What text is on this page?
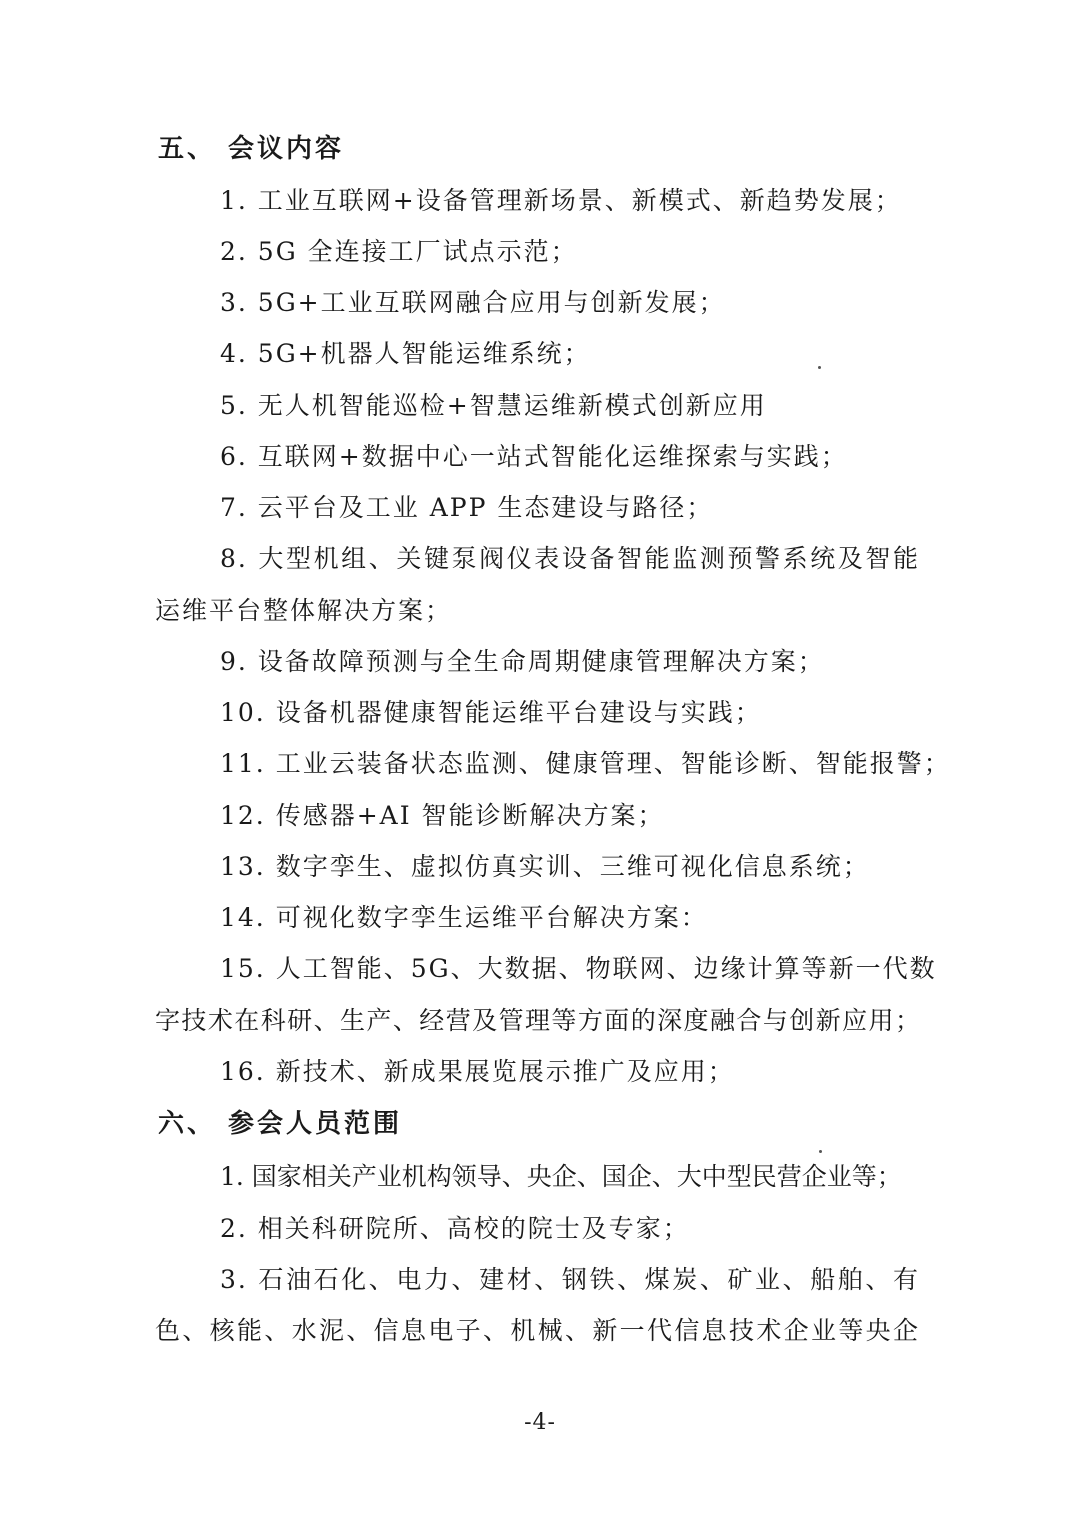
五、 会议内容
1. 工业互联网+设备管理新场景、新模式、新趋势发展；
2. 5G 全连接工厂试点示范；
3. 5G+工业互联网融合应用与创新发展；
4. 5G+机器人智能运维系统；
5. 无人机智能巡检+智慧运维新模式创新应用
6. 互联网+数据中心一站式智能化运维探索与实践；
7. 云平台及工业 APP 生态建设与路径；
8. 大型机组、关键泵阀仪表设备智能监测预警系统及智能
运维平台整体解决方案；
9. 设备故障预测与全生命周期健康管理解决方案；
10. 设备机器健康智能运维平台建设与实践；
11. 工业云装备状态监测、健康管理、智能诊断、智能报警；
12. 传感器+AI 智能诊断解决方案；
13. 数字孪生、虚拟仿真实训、三维可视化信息系统；
14. 可视化数字孪生运维平台解决方案：
15. 人工智能、5G、大数据、物联网、边缘计算等新一代数
字技术在科研、生产、经营及管理等方面的深度融合与创新应用；
16. 新技术、新成果展览展示推广及应用；
六、 参会人员范围
1. 国家相关产业机构领导、央企、国企、大中型民营企业等；
2. 相关科研院所、高校的院士及专家；
3. 石油石化、电力、建材、钢铁、煤炭、矿业、船舶、有
色、核能、水泥、信息电子、机械、新一代信息技术企业等央企
-4-
